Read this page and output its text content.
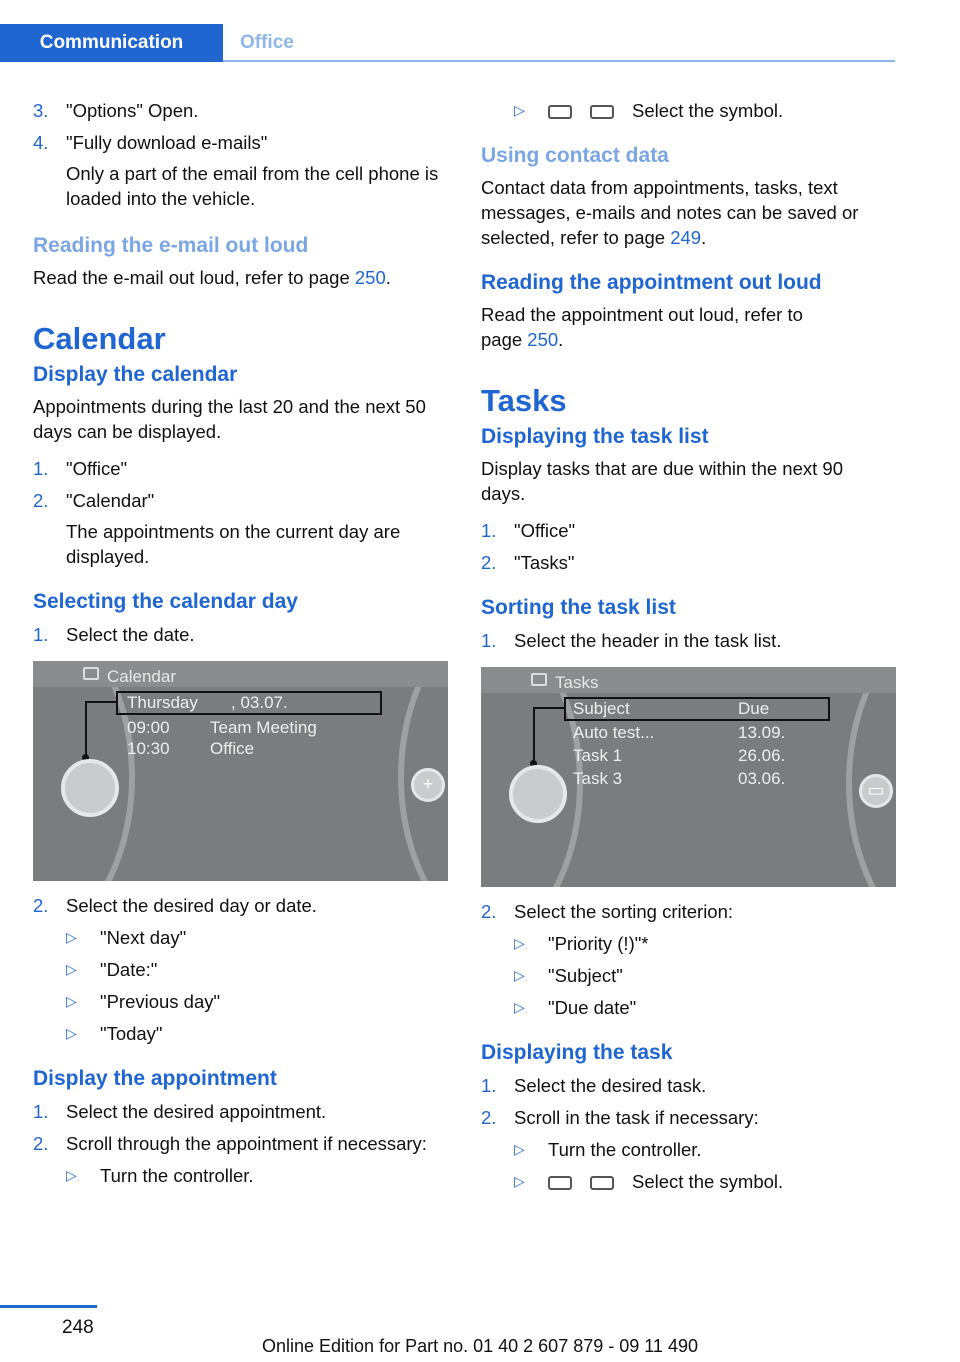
Communication	Office
3. "Options" Open.
4. "Fully download e-mails"

Only a part of the email from the cell phone is loaded into the vehicle.

Reading the e-mail out loud

Read the e-mail out loud, refer to page 250.

Calendar
Display the calendar

Appointments during the last 20 and the next 50 days can be displayed.

1. "Office"
2. "Calendar"

The appointments on the current day are displayed.

Selecting the calendar day
1. Select the date.
Calendar
Thursday , 03.07.
09:00 Team Meeting
10:30 Office
+
2. Select the desired day or date.
▷	"Next day"
▷	"Date:"
▷	"Previous day"
▷	"Today"
Display the appointment
1. Select the desired appointment.
2. Scroll through the appointment if necessary:
▷	Turn the controller.
▷	Select the symbol.
Using contact data

Contact data from appointments, tasks, text messages, e-mails and notes can be saved or selected, refer to page 249.

Reading the appointment out loud

Read the appointment out loud, refer to page 250.

Tasks
Displaying the task list

Display tasks that are due within the next 90 days.

1. "Office"
2. "Tasks"
Sorting the task list
1. Select the header in the task list.
Tasks
Subject	Due
Auto test...	13.09.
Task 1	26.06.
Task 3	03.06.
▭
2. Select the sorting criterion:
▷	"Priority (!)"*
▷	"Subject"
▷	"Due date"
Displaying the task
1. Select the desired task.
2. Scroll in the task if necessary:
▷	Turn the controller.
▷	Select the symbol.
248
Online Edition for Part no. 01 40 2 607 879 - 09 11 490
